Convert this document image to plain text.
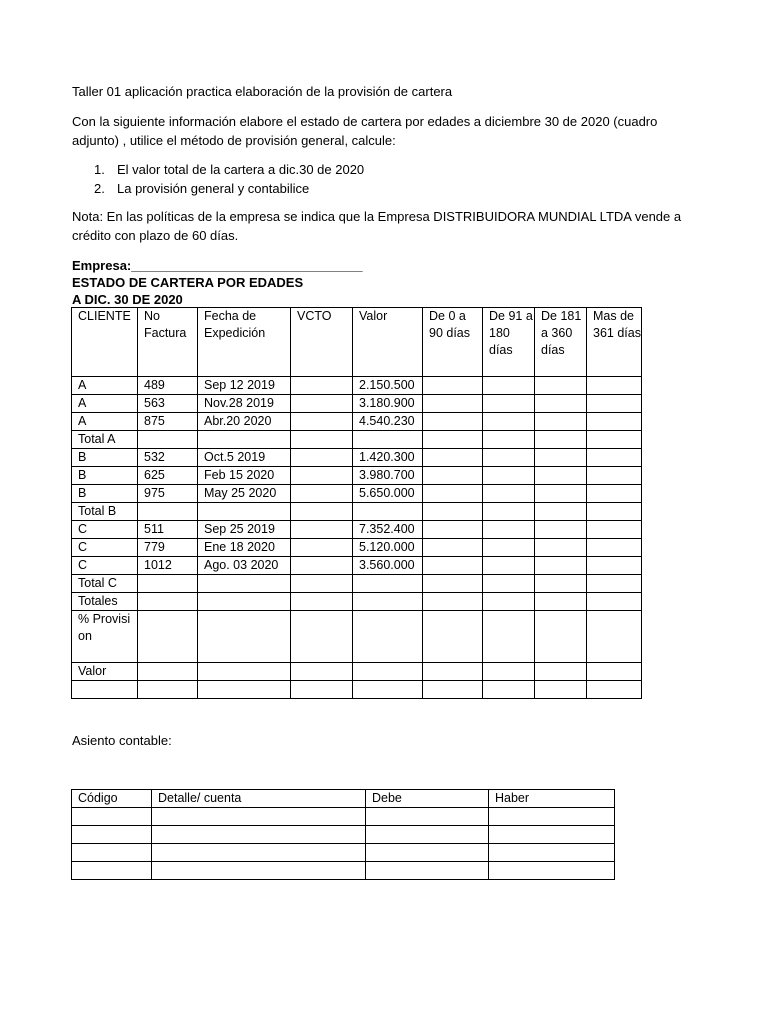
Taller 01 aplicación practica elaboración de la provisión de cartera
Con la siguiente información elabore el estado de cartera por edades a diciembre 30 de 2020 (cuadro
adjunto) , utilice el método de provisión general, calcule:
1. El valor total de la cartera a dic.30 de 2020
2. La provisión general y contabilice
Nota: En las políticas de la empresa se indica que la Empresa DISTRIBUIDORA MUNDIAL LTDA vende a
crédito con plazo de 60 días.
Empresa:________________________________
ESTADO DE CARTERA POR EDADES
A DIC. 30 DE 2020
CLIENTE	No Factura	Fecha de Expedición	VCTO	Valor	De 0 a 90 días	De 91 a 180 días	De 181 a 360 días	Mas de 361 días
A	489	Sep 12 2019		2.150.500				
A	563	Nov.28 2019		3.180.900				
A	875	Abr.20 2020		4.540.230				
Total A								
B	532	Oct.5 2019		1.420.300				
B	625	Feb 15 2020		3.980.700				
B	975	May 25 2020		5.650.000				
Total B								
C	511	Sep 25 2019		7.352.400				
C	779	Ene 18 2020		5.120.000				
C	1012	Ago. 03 2020		3.560.000				
Total C								
Totales								
% Provision								
Valor								

Asiento contable:
Código	Detalle/ cuenta	Debe	Haber
